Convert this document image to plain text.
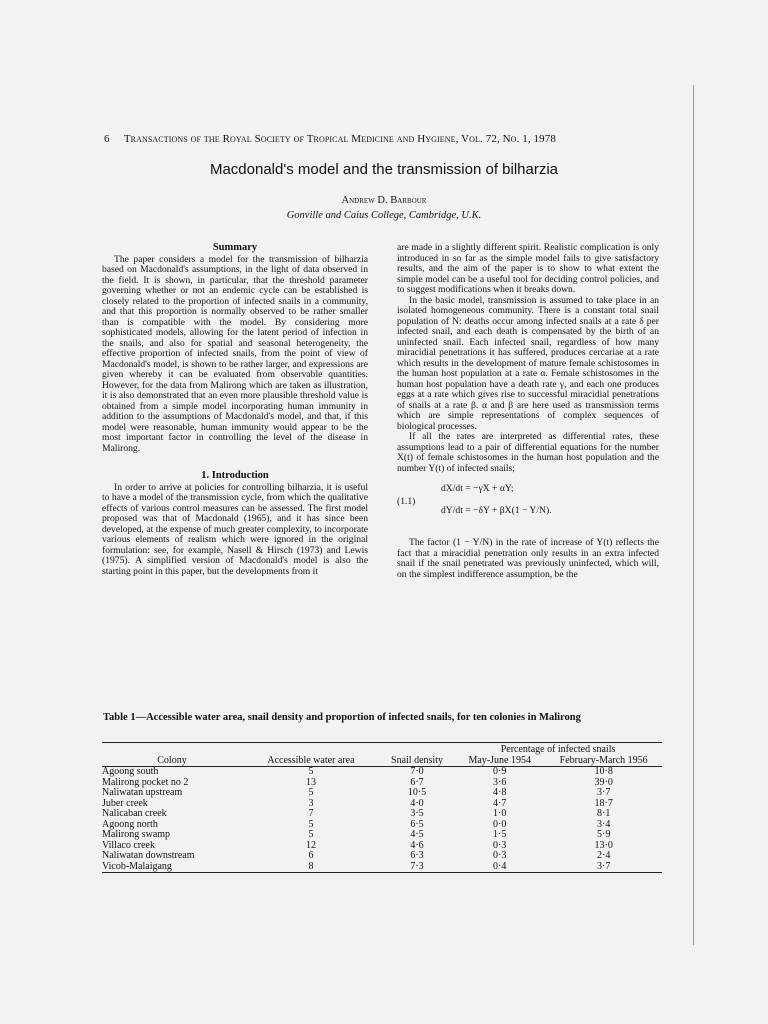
6 Transactions of the Royal Society of Tropical Medicine and Hygiene, Vol. 72, No. 1, 1978
Macdonald's model and the transmission of bilharzia
Andrew D. Barbour
Gonville and Caius College, Cambridge, U.K.
Summary

The paper considers a model for the transmission of bilharzia based on Macdonald's assumptions, in the light of data observed in the field. It is shown, in particular, that the threshold parameter governing whether or not an endemic cycle can be established is closely related to the proportion of infected snails in a community, and that this proportion is normally observed to be rather smaller than is compatible with the model. By considering more sophisticated models, allowing for the latent period of infection in the snails, and also for spatial and seasonal heterogeneity, the effective proportion of infected snails, from the point of view of Macdonald's model, is shown to be rather larger, and expressions are given whereby it can be evaluated from observable quantities. However, for the data from Malirong which are taken as illustration, it is also demonstrated that an even more plausible threshold value is obtained from a simple model incorporating human immunity in addition to the assumptions of Macdonald's model, and that, if this model were reasonable, human immunity would appear to be the most important factor in controlling the level of the disease in Malirong.

1. Introduction

In order to arrive at policies for controlling bilharzia, it is useful to have a model of the transmission cycle, from which the qualitative effects of various control measures can be assessed. The first model proposed was that of Macdonald (1965), and it has since been developed, at the expense of much greater complexity, to incorporate various elements of realism which were ignored in the original formulation: see, for example, Nasell & Hirsch (1973) and Lewis (1975). A simplified version of Macdonald's model is also the starting point in this paper, but the developments from it

are made in a slightly different spirit. Realistic complication is only introduced in so far as the simple model fails to give satisfactory results, and the aim of the paper is to show to what extent the simple model can be a useful tool for deciding control policies, and to suggest modifications when it breaks down.

In the basic model, transmission is assumed to take place in an isolated homogeneous community. There is a constant total snail population of N: deaths occur among infected snails at a rate δ per infected snail, and each death is compensated by the birth of an uninfected snail. Each infected snail, regardless of how many miracidial penetrations it has suffered, produces cercariae at a rate which results in the development of mature female schistosomes in the human host population at a rate α. Female schistosomes in the human host population have a death rate γ, and each one produces eggs at a rate which gives rise to successful miracidial penetrations of snails at a rate β. α and β are here used as transmission terms which are simple representations of complex sequences of biological processes.

If all the rates are interpreted as differential rates, these assumptions lead to a pair of differential equations for the number X(t) of female schistosomes in the human host population and the number Y(t) of infected snails;

(1.1)
dX/dt = −γX + αY;
dY/dt = −δY + βX(1 − Y/N).

The factor (1 − Y/N) in the rate of increase of Y(t) reflects the fact that a miracidial penetration only results in an extra infected snail if the snail penetrated was previously uninfected, which will, on the simplest indifference assumption, be the

Table 1—Accessible water area, snail density and proportion of infected snails, for ten colonies in Malirong
			Percentage of infected snails	
Colony	Accessible water area	Snail density	May-June 1954	February-March 1956
Agoong south	5	7·0	0·9	10·8
Malirong pocket no 2	13	6·7	3·6	39·0
Naliwatan upstream	5	10·5	4·8	3·7
Juber creek	3	4·0	4·7	18·7
Nalicaban creek	7	3·5	1·0	8·1
Agoong north	5	6·5	0·0	3·4
Malirong swamp	5	4·5	1·5	5·9
Villaco creek	12	4·6	0·3	13·0
Naliwatan downstream	6	6·3	0·3	2·4
Vicob-Malaigang	8	7·3	0·4	3·7
